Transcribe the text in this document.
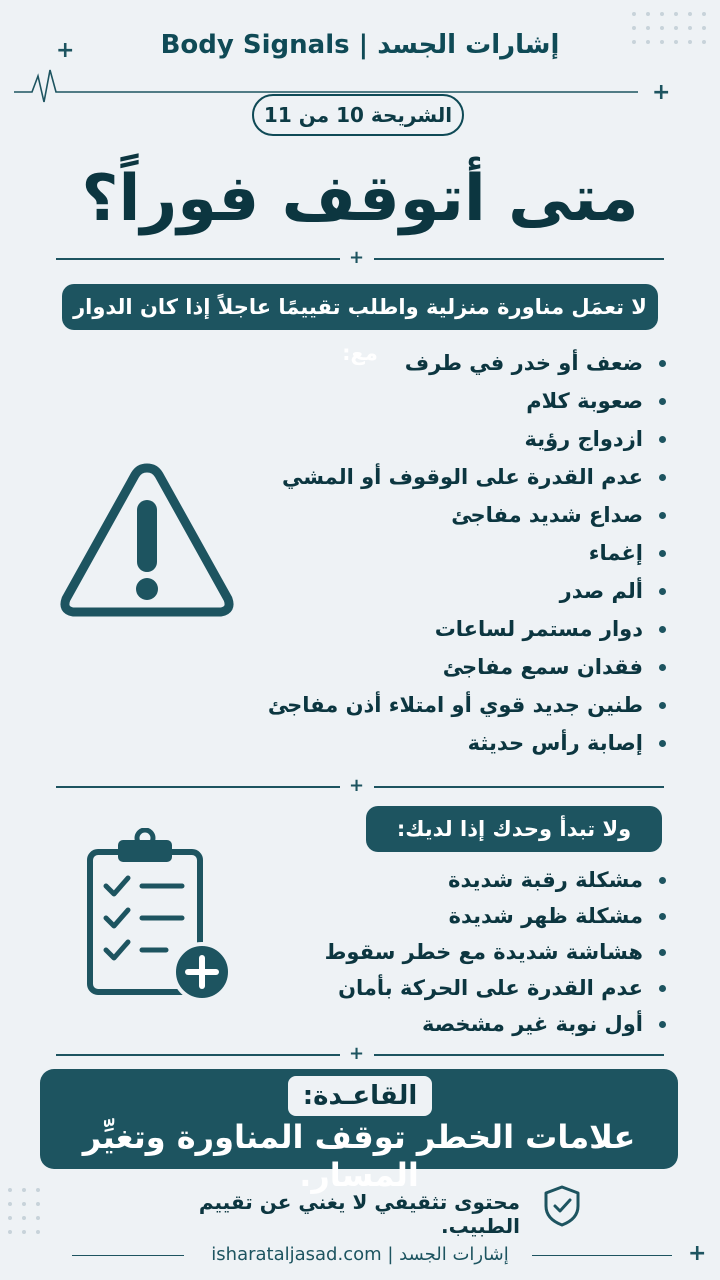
+	Body Signals | إشارات الجسد
+
الشريحة 10 من 11
متى أتوقف فوراً؟
+
لا تعمَل مناورة منزلية واطلب تقييمًا عاجلاً إذا كان الدوار مع:	ضعف أو خدر في طرف
صعوبة كلام
ازدواج رؤية
عدم القدرة على الوقوف أو المشي
صداع شديد مفاجئ
إغماء
ألم صدر
دوار مستمر لساعات
فقدان سمع مفاجئ
طنين جديد قوي أو امتلاء أذن مفاجئ
إصابة رأس حديثة
+
ولا تبدأ وحدك إذا لديك:
مشكلة رقبة شديدة
مشكلة ظهر شديدة
هشاشة شديدة مع خطر سقوط
عدم القدرة على الحركة بأمان
أول نوبة غير مشخصة
+
القاعـدة:
علامات الخطر توقف المناورة وتغيِّر المسار.
محتوى تثقيفي لا يغني عن تقييم الطبيب.
isharataljasad.com | إشارات الجسد	+
